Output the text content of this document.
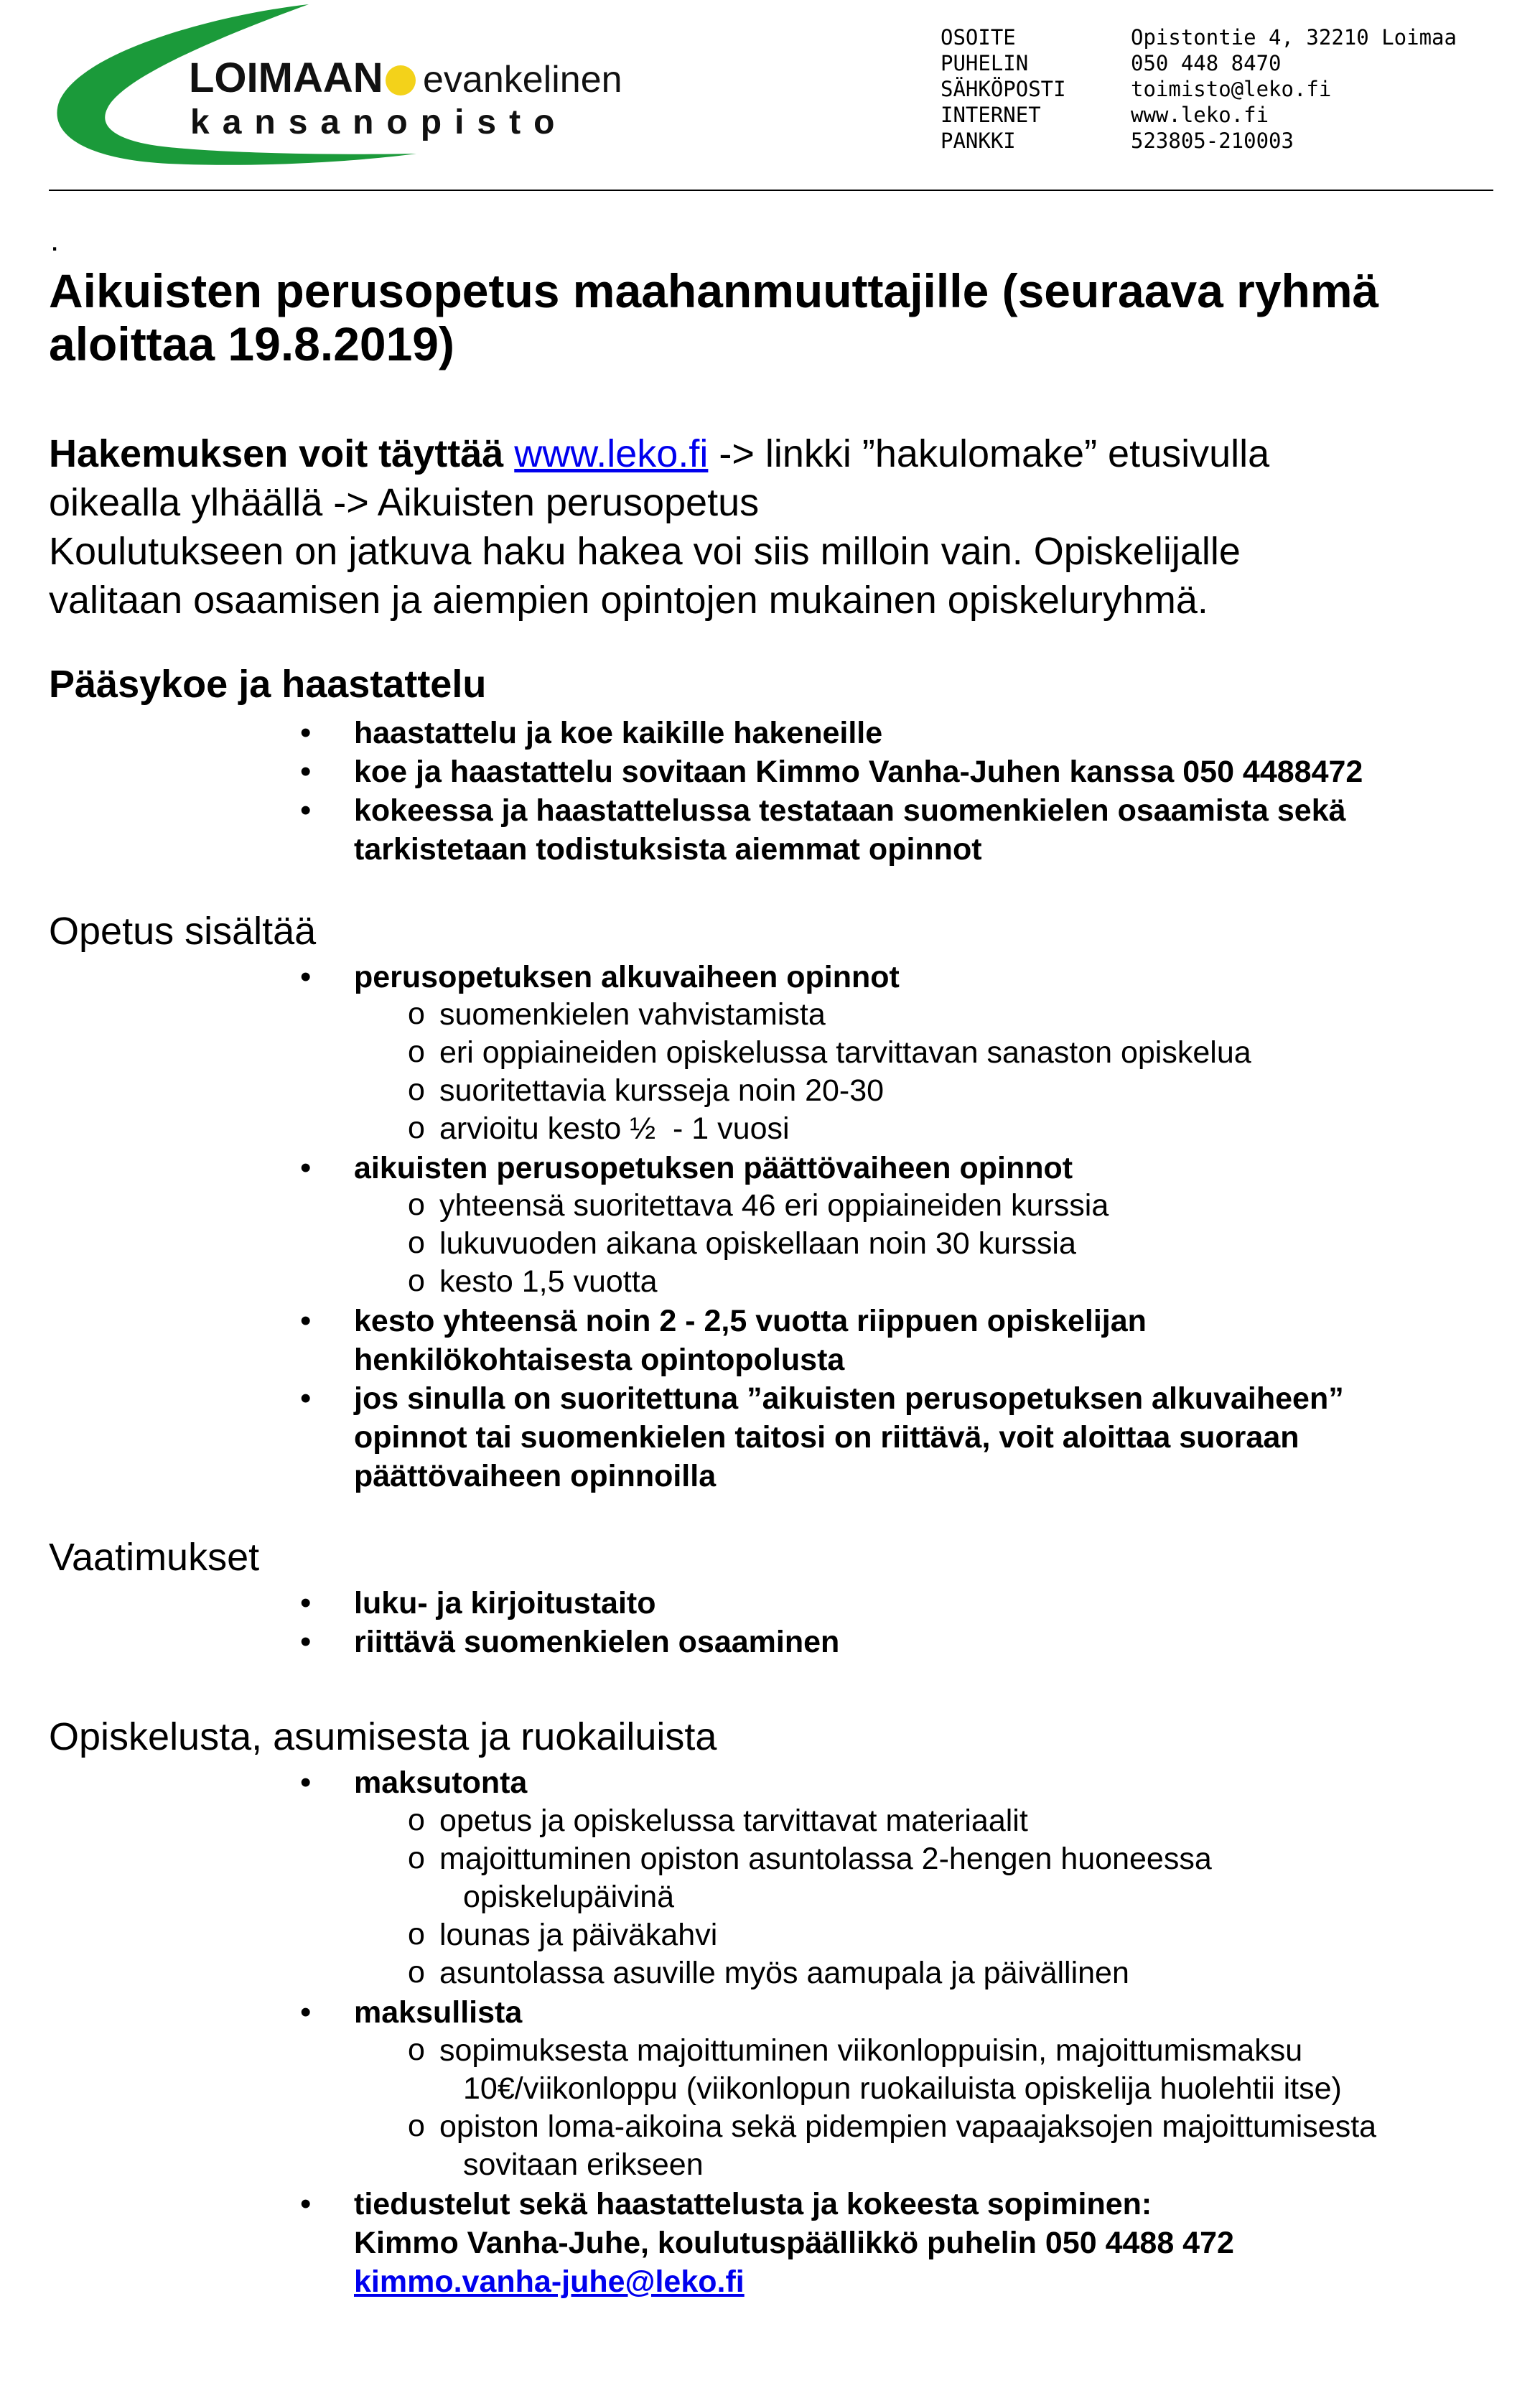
LOIMAAN evankelinen
kansanopisto
OSOITE	Opistontie 4, 32210 Loimaa
PUHELIN	050 448 8470
SÄHKÖPOSTI	toimisto@leko.fi
INTERNET	www.leko.fi
PANKKI	523805-210003
.
Aikuisten perusopetus maahanmuuttajille (seuraava ryhmä
aloittaa 19.8.2019)
Hakemuksen voit täyttää www.leko.fi -> linkki ”hakulomake” etusivulla
oikealla ylhäällä -> Aikuisten perusopetus
Koulutukseen on jatkuva haku hakea voi siis milloin vain. Opiskelijalle
valitaan osaamisen ja aiempien opintojen mukainen opiskeluryhmä.
Pääsykoe ja haastattelu
• haastattelu ja koe kaikille hakeneille
• koe ja haastattelu sovitaan Kimmo Vanha-Juhen kanssa 050 4488472
• kokeessa ja haastattelussa testataan suomenkielen osaamista sekä
tarkistetaan todistuksista aiemmat opinnot
Opetus sisältää
• perusopetuksen alkuvaiheen opinnot
o suomenkielen vahvistamista
o eri oppiaineiden opiskelussa tarvittavan sanaston opiskelua
o suoritettavia kursseja noin 20-30
o arvioitu kesto ½  - 1 vuosi
• aikuisten perusopetuksen päättövaiheen opinnot
o yhteensä suoritettava 46 eri oppiaineiden kurssia
o lukuvuoden aikana opiskellaan noin 30 kurssia
o kesto 1,5 vuotta
• kesto yhteensä noin 2 - 2,5 vuotta riippuen opiskelijan
henkilökohtaisesta opintopolusta
• jos sinulla on suoritettuna ”aikuisten perusopetuksen alkuvaiheen”
opinnot tai suomenkielen taitosi on riittävä, voit aloittaa suoraan
päättövaiheen opinnoilla
Vaatimukset
• luku- ja kirjoitustaito
• riittävä suomenkielen osaaminen
Opiskelusta, asumisesta ja ruokailuista
• maksutonta
o opetus ja opiskelussa tarvittavat materiaalit
o majoittuminen opiston asuntolassa 2-hengen huoneessa
opiskelupäivinä
o lounas ja päiväkahvi
o asuntolassa asuville myös aamupala ja päivällinen
• maksullista
o sopimuksesta majoittuminen viikonloppuisin, majoittumismaksu
10€/viikonloppu (viikonlopun ruokailuista opiskelija huolehtii itse)
o opiston loma-aikoina sekä pidempien vapaajaksojen majoittumisesta
sovitaan erikseen
• tiedustelut sekä haastattelusta ja kokeesta sopiminen:
Kimmo Vanha-Juhe, koulutuspäällikkö puhelin 050 4488 472
kimmo.vanha-juhe@leko.fi
